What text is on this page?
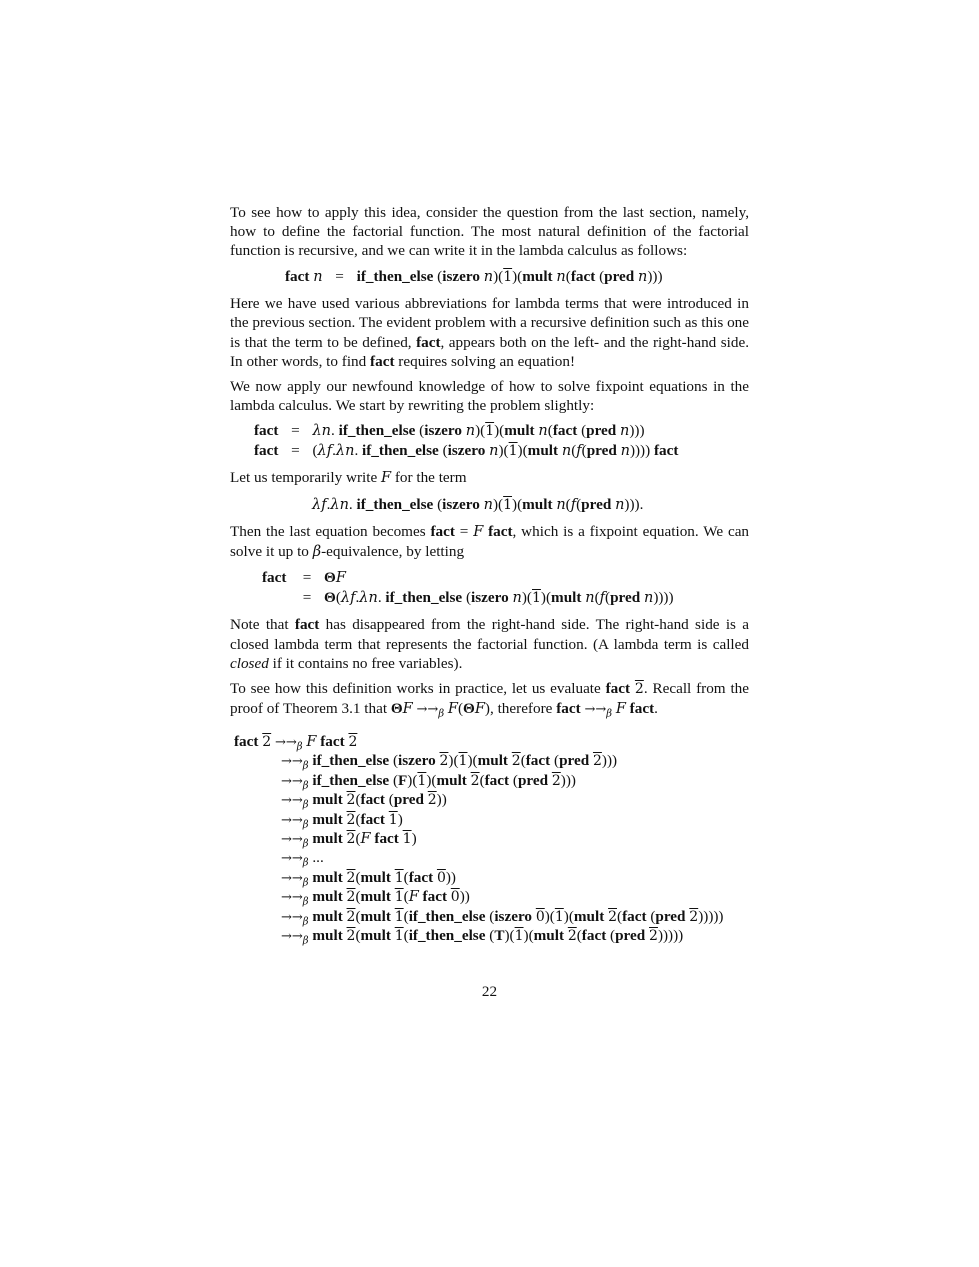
To see how to apply this idea, consider the question from the last section, namely, how to define the factorial function. The most natural definition of the factorial function is recursive, and we can write it in the lambda calculus as follows:

fact n = if_then_else (iszero n)(1)(mult n(fact (pred n)))

Here we have used various abbreviations for lambda terms that were introduced in the previous section. The evident problem with a recursive definition such as this one is that the term to be defined, fact, appears both on the left- and the right-hand side. In other words, to find fact requires solving an equation!

We now apply our newfound knowledge of how to solve fixpoint equations in the lambda calculus. We start by rewriting the problem slightly:

fact = λn. if_then_else (iszero n)(1)(mult n(fact (pred n)))
fact = (λf.λn. if_then_else (iszero n)(1)(mult n(f(pred n)))) fact

Let us temporarily write F for the term

λf.λn. if_then_else (iszero n)(1)(mult n(f(pred n))).

Then the last equation becomes fact = F fact, which is a fixpoint equation. We can solve it up to β-equivalence, by letting

fact	= ΘF
= Θ(λf.λn. if_then_else (iszero n)(1)(mult n(f(pred n))))

Note that fact has disappeared from the right-hand side. The right-hand side is a closed lambda term that represents the factorial function. (A lambda term is called closed if it contains no free variables).

To see how this definition works in practice, let us evaluate fact 2. Recall from the proof of Theorem 3.1 that $\Theta F \to\to_\beta$ F(ΘF), therefore fact $\to\to_\beta$ F fact.

fact $2 \to\to_\beta$ F fact 2
$\to\to_\beta$ if_then_else (iszero 2)(1)(mult 2(fact (pred 2)))
$\to\to_\beta$ if_then_else (F)(1)(mult 2(fact (pred 2)))
$\to\to_\beta$ mult 2(fact (pred 2))
$\to\to_\beta$ mult 2(fact 1)
$\to\to_\beta$ mult 2(F fact 1)
$\to\to_\beta$ ...
$\to\to_\beta$ mult 2(mult 1(fact 0))
$\to\to_\beta$ mult 2(mult 1(F fact 0))
$\to\to_\beta$ mult 2(mult 1(if_then_else (iszero 0)(1)(mult 2(fact (pred 2)))))
$\to\to_\beta$ mult 2(mult 1(if_then_else (T)(1)(mult 2(fact (pred 2)))))
22
